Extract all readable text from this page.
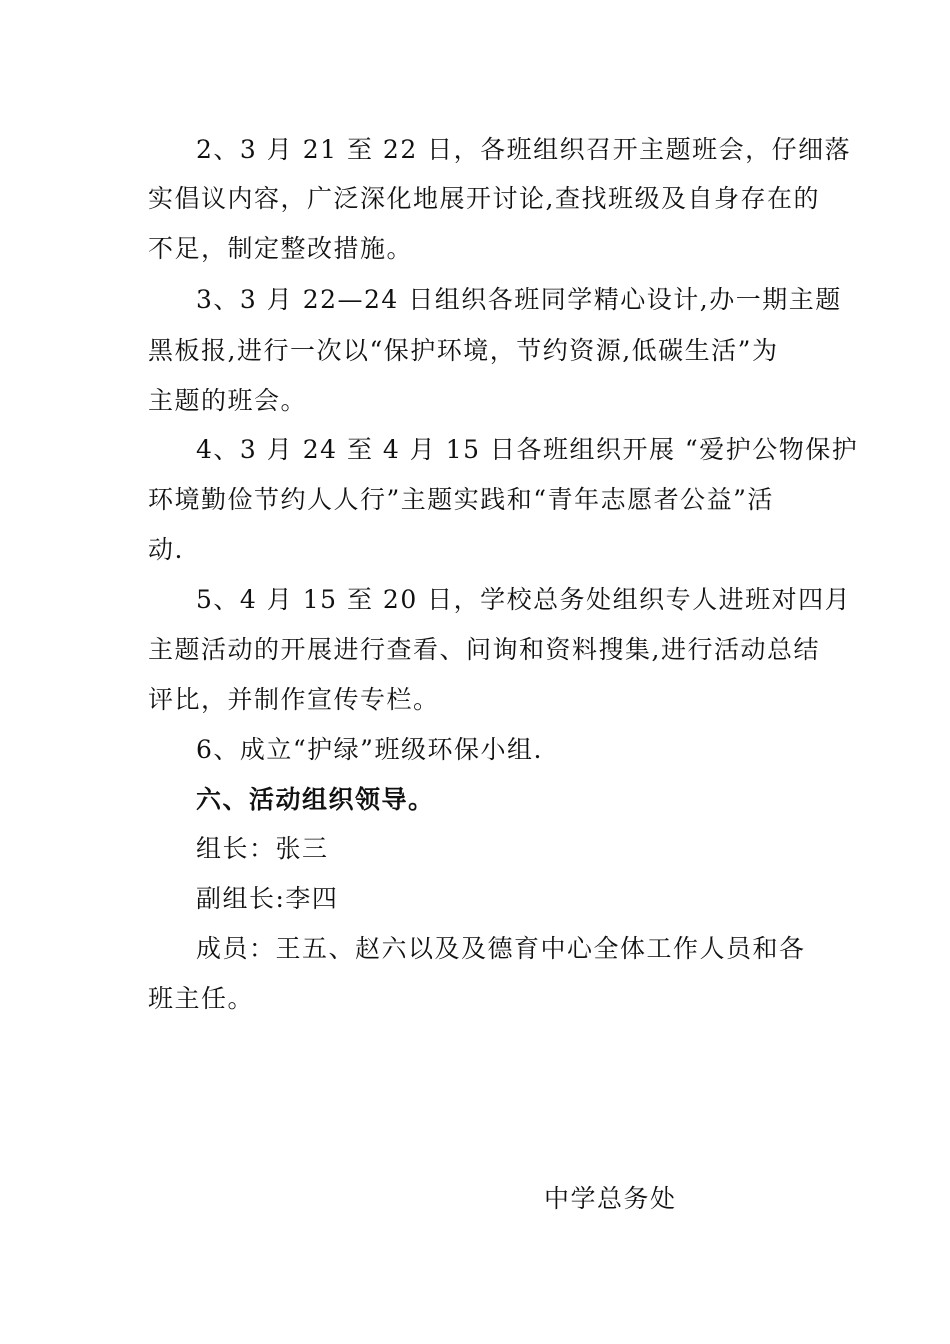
2、3 月 21 至 22 日，各班组织召开主题班会，仔细落
实倡议内容，广泛深化地展开讨论,查找班级及自身存在的
不足，制定整改措施。
3、3 月 22—24 日组织各班同学精心设计,办一期主题
黑板报,进行一次以“保护环境，节约资源,低碳生活”为
主题的班会。
4、3 月 24 至 4 月 15 日各班组织开展 “爱护公物保护
环境勤俭节约人人行”主题实践和“青年志愿者公益”活
动.
5、4 月 15 至 20 日，学校总务处组织专人进班对四月
主题活动的开展进行查看、问询和资料搜集,进行活动总结
评比，并制作宣传专栏。
6、成立“护绿”班级环保小组.
六、活动组织领导。
组长：张三
副组长:李四
成员：王五、赵六以及及德育中心全体工作人员和各
班主任。
中学总务处
